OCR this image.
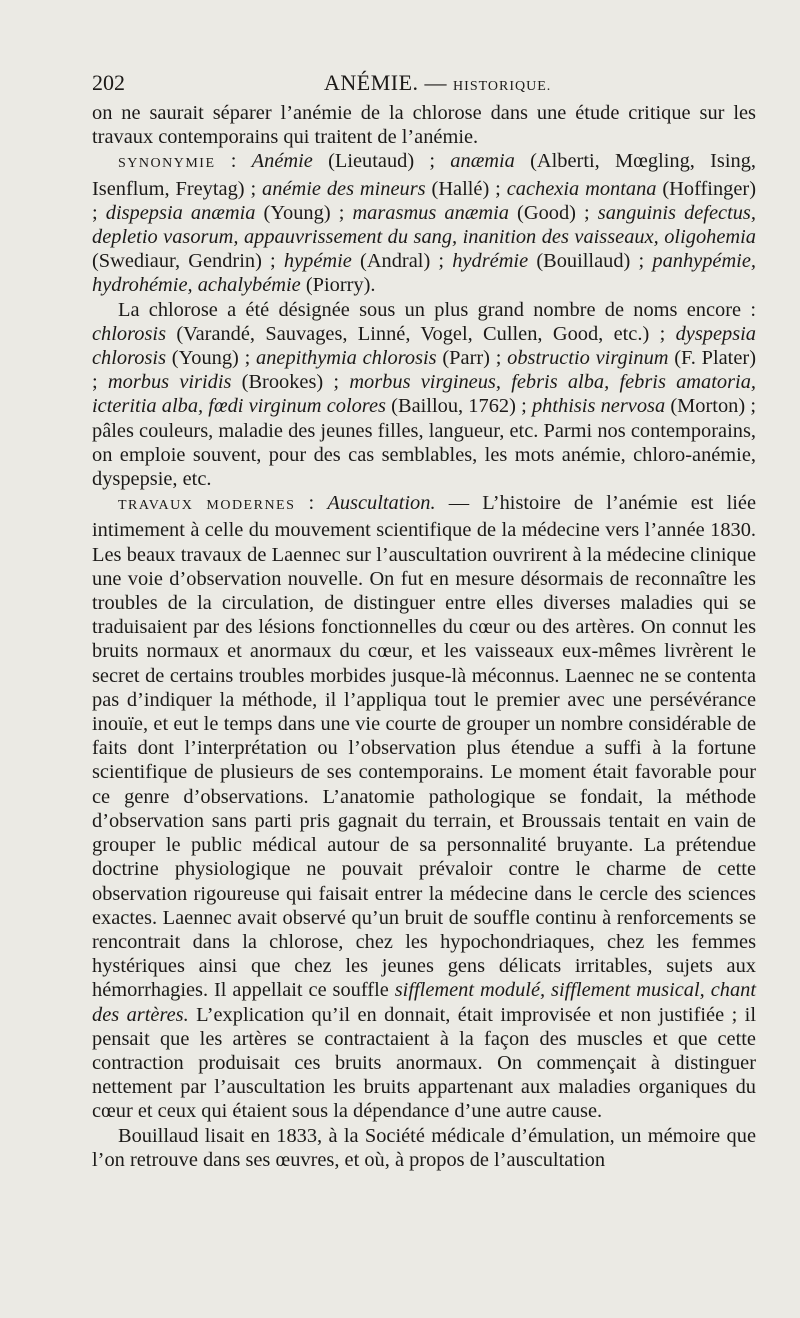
202	ANÉMIE. — HISTORIQUE.

on ne saurait séparer l’anémie de la chlorose dans une étude critique sur les travaux contemporains qui traitent de l’anémie.

SYNONYMIE : Anémie (Lieutaud) ; anæmia (Alberti, Mœgling, Ising, Isenflum, Freytag) ; anémie des mineurs (Hallé) ; cachexia montana (Hoffinger) ; dispepsia anæmia (Young) ; marasmus anæmia (Good) ; sanguinis defectus, depletio vasorum, appauvrissement du sang, inanition des vaisseaux, oligohemia (Swediaur, Gendrin) ; hypémie (Andral) ; hydrémie (Bouillaud) ; panhypémie, hydrohémie, achalybémie (Piorry).

La chlorose a été désignée sous un plus grand nombre de noms encore : chlorosis (Varandé, Sauvages, Linné, Vogel, Cullen, Good, etc.) ; dyspepsia chlorosis (Young) ; anepithymia chlorosis (Parr) ; obstructio virginum (F. Plater) ; morbus viridis (Brookes) ; morbus virgineus, febris alba, febris amatoria, icteritia alba, fœdi virginum colores (Baillou, 1762) ; phthisis nervosa (Morton) ; pâles couleurs, maladie des jeunes filles, langueur, etc. Parmi nos contemporains, on emploie souvent, pour des cas semblables, les mots anémie, chloro-anémie, dyspepsie, etc.

TRAVAUX MODERNES : Auscultation. — L’histoire de l’anémie est liée intimement à celle du mouvement scientifique de la médecine vers l’année 1830. Les beaux travaux de Laennec sur l’auscultation ouvrirent à la médecine clinique une voie d’observation nouvelle. On fut en mesure désormais de reconnaître les troubles de la circulation, de distinguer entre elles diverses maladies qui se traduisaient par des lésions fonctionnelles du cœur ou des artères. On connut les bruits normaux et anormaux du cœur, et les vaisseaux eux-mêmes livrèrent le secret de certains troubles morbides jusque-là méconnus. Laennec ne se contenta pas d’indiquer la méthode, il l’appliqua tout le premier avec une persévérance inouïe, et eut le temps dans une vie courte de grouper un nombre considérable de faits dont l’interprétation ou l’observation plus étendue a suffi à la fortune scientifique de plusieurs de ses contemporains. Le moment était favorable pour ce genre d’observations. L’anatomie pathologique se fondait, la méthode d’observation sans parti pris gagnait du terrain, et Broussais tentait en vain de grouper le public médical autour de sa personnalité bruyante. La prétendue doctrine physiologique ne pouvait prévaloir contre le charme de cette observation rigoureuse qui faisait entrer la médecine dans le cercle des sciences exactes. Laennec avait observé qu’un bruit de souffle continu à renforcements se rencontrait dans la chlorose, chez les hypochondriaques, chez les femmes hystériques ainsi que chez les jeunes gens délicats irritables, sujets aux hémorrhagies. Il appellait ce souffle sifflement modulé, sifflement musical, chant des artères. L’explication qu’il en donnait, était improvisée et non justifiée ; il pensait que les artères se contractaient à la façon des muscles et que cette contraction produisait ces bruits anormaux. On commençait à distinguer nettement par l’auscultation les bruits appartenant aux maladies organiques du cœur et ceux qui étaient sous la dépendance d’une autre cause.

Bouillaud lisait en 1833, à la Société médicale d’émulation, un mémoire que l’on retrouve dans ses œuvres, et où, à propos de l’auscultation
